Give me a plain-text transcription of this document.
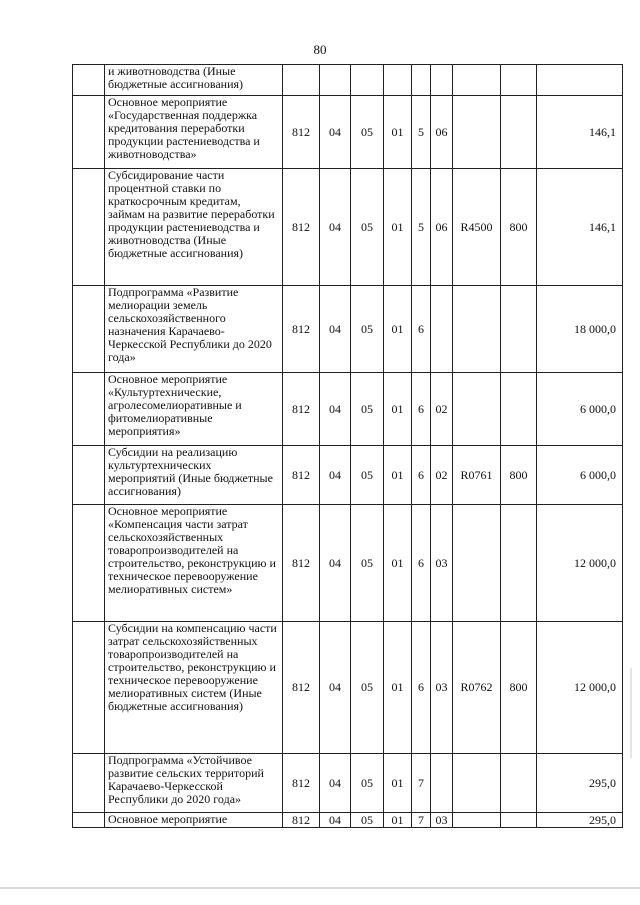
80
	и животноводства (Иные бюджетные ассигнования)									
	Основное мероприятие «Государственная поддержка кредитования переработки продукции растениеводства и животноводства»	812	04	05	01	5	06			146,1
	Субсидирование части процентной ставки по краткосрочным кредитам, займам на развитие переработки продукции растениеводства и животноводства (Иные бюджетные ассигнования)	812	04	05	01	5	06	R4500	800	146,1
	Подпрограмма «Развитие мелиорации земель сельскохозяйственного назначения Карачаево-Черкесской Республики до 2020 года»	812	04	05	01	6				18 000,0
	Основное мероприятие «Культуртехнические, агролесомелиоративные и фитомелиоративные мероприятия»	812	04	05	01	6	02			6 000,0
	Субсидии на реализацию культуртехнических мероприятий (Иные бюджетные ассигнования)	812	04	05	01	6	02	R0761	800	6 000,0
	Основное мероприятие «Компенсация части затрат сельскохозяйственных товаропроизводителей на строительство, реконструкцию и техническое перевооружение мелиоративных систем»	812	04	05	01	6	03			12 000,0
	Субсидии на компенсацию части затрат сельскохозяйственных товаропроизводителей на строительство, реконструкцию и техническое перевооружение мелиоративных систем (Иные бюджетные ассигнования)	812	04	05	01	6	03	R0762	800	12 000,0
	Подпрограмма «Устойчивое развитие сельских территорий Карачаево-Черкесской Республики до 2020 года»	812	04	05	01	7				295,0
	Основное мероприятие	812	04	05	01	7	03			295,0
